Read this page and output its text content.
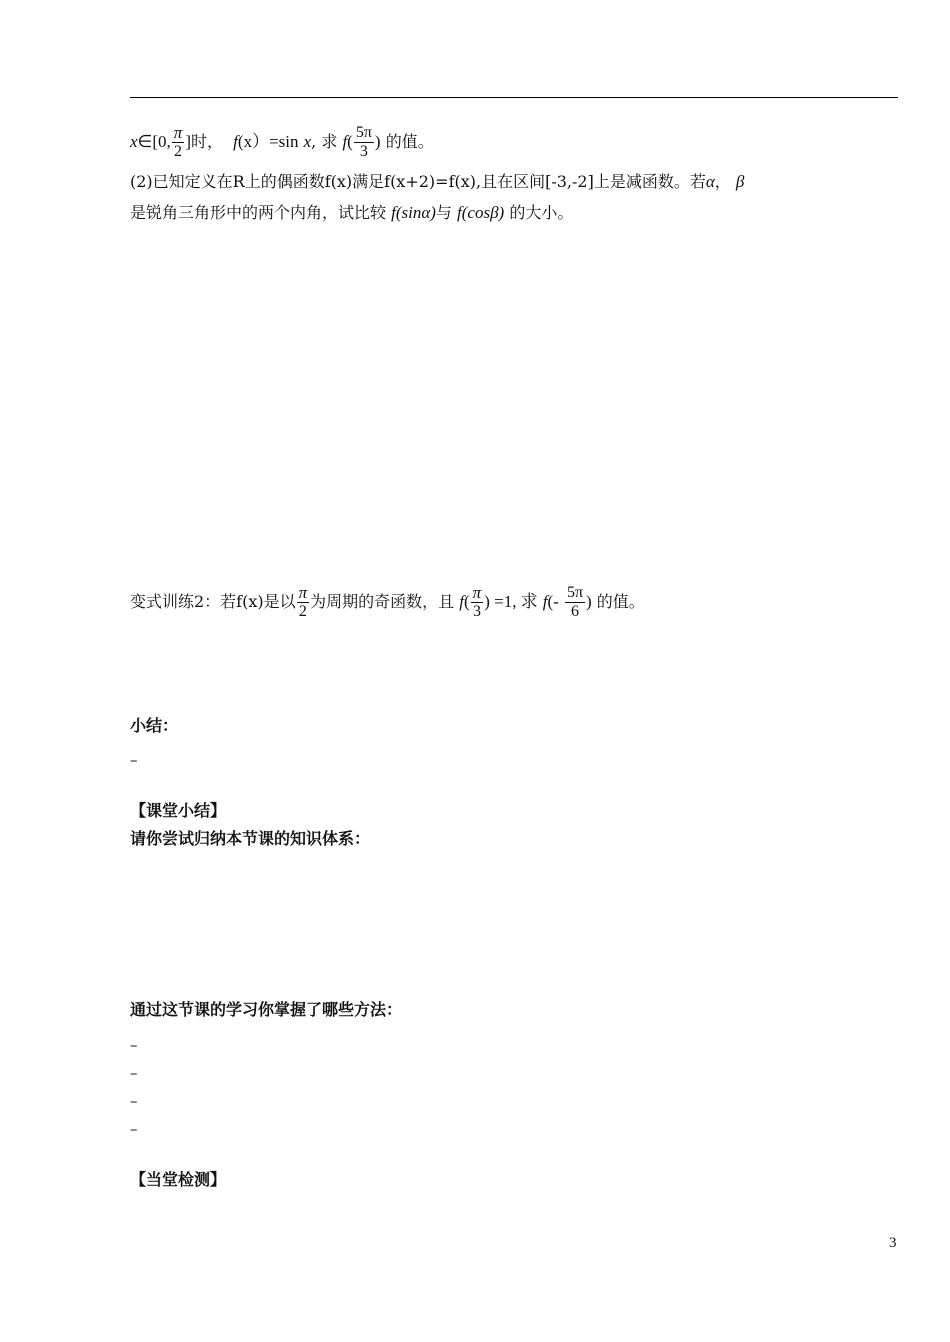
x∈[0, $\frac{\pi}{2}$ ]时， f(x）=sin x, 求 $f( \frac{5\pi}{3}$ ) 的值。
(2)已知定义在R上的偶函数f(x)满足f(x+2)=f(x),且在区间[-3,-2]上是减函数。若α， β
是锐角三角形中的两个内角，试比较 f(sinα)与 f(cosβ) 的大小。
变式训练2：若f(x)是以 $\frac{\pi}{2}$ 为周期的奇函数，且 $f( \frac{\pi}{3}$ ) =1, 求 $f(- \frac{5\pi}{6}$ ) 的值。
小结：
–
【课堂小结】
请你尝试归纳本节课的知识体系：
通过这节课的学习你掌握了哪些方法：
–
–
–
–
【当堂检测】
3
